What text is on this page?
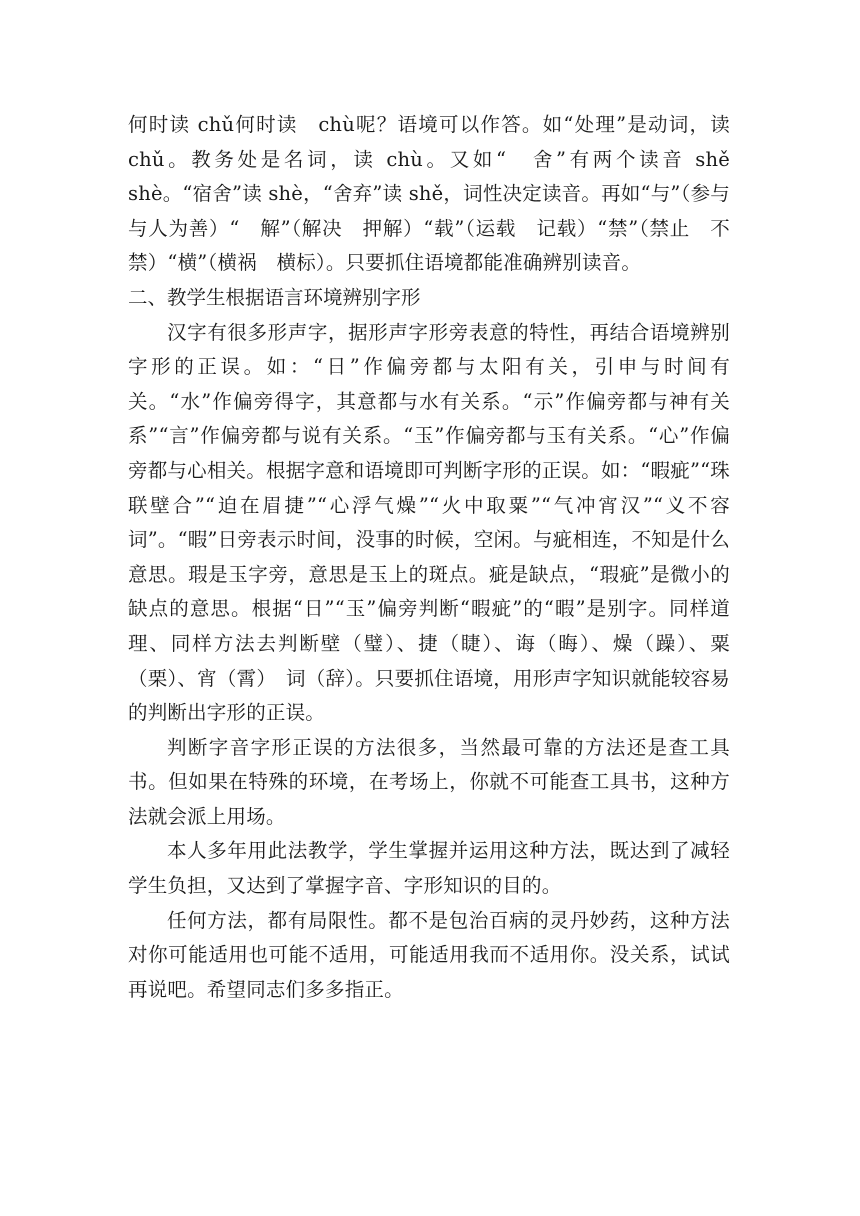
何时读 chǔ何时读　chù呢？语境可以作答。如“处理”是动词，读chǔ。教务处是名词，读 chù。又如“　舍”有两个读音 shě　shè。“宿舍”读 shè，“舍弃”读 shě，词性决定读音。再如“与”（参与　与人为善）“　解”（解决　押解）“载”（运载　记载）“禁”（禁止　不禁）“横”（横祸　横标）。只要抓住语境都能准确辨别读音。

二、教学生根据语言环境辨别字形

汉字有很多形声字，据形声字形旁表意的特性，再结合语境辨别字形的正误。如：“日”作偏旁都与太阳有关，引申与时间有关。“水”作偏旁得字，其意都与水有关系。“示”作偏旁都与神有关系”“言”作偏旁都与说有关系。“玉”作偏旁都与玉有关系。“心”作偏旁都与心相关。根据字意和语境即可判断字形的正误。如：“暇疵”“珠联壁合”“迫在眉捷”“心浮气燥”“火中取粟”“气冲宵汉”“义不容词”。“暇”日旁表示时间，没事的时候，空闲。与疵相连，不知是什么意思。瑕是玉字旁，意思是玉上的斑点。疵是缺点，“瑕疵”是微小的缺点的意思。根据“日”“玉”偏旁判断“暇疵”的“暇”是别字。同样道理、同样方法去判断壁（璧）、捷（睫）、诲（晦）、燥（躁）、粟（栗）、宵（霄）　词（辞）。只要抓住语境，用形声字知识就能较容易的判断出字形的正误。

判断字音字形正误的方法很多，当然最可靠的方法还是查工具书。但如果在特殊的环境，在考场上，你就不可能查工具书，这种方法就会派上用场。

本人多年用此法教学，学生掌握并运用这种方法，既达到了减轻学生负担，又达到了掌握字音、字形知识的目的。

任何方法，都有局限性。都不是包治百病的灵丹妙药，这种方法对你可能适用也可能不适用，可能适用我而不适用你。没关系，试试再说吧。希望同志们多多指正。
